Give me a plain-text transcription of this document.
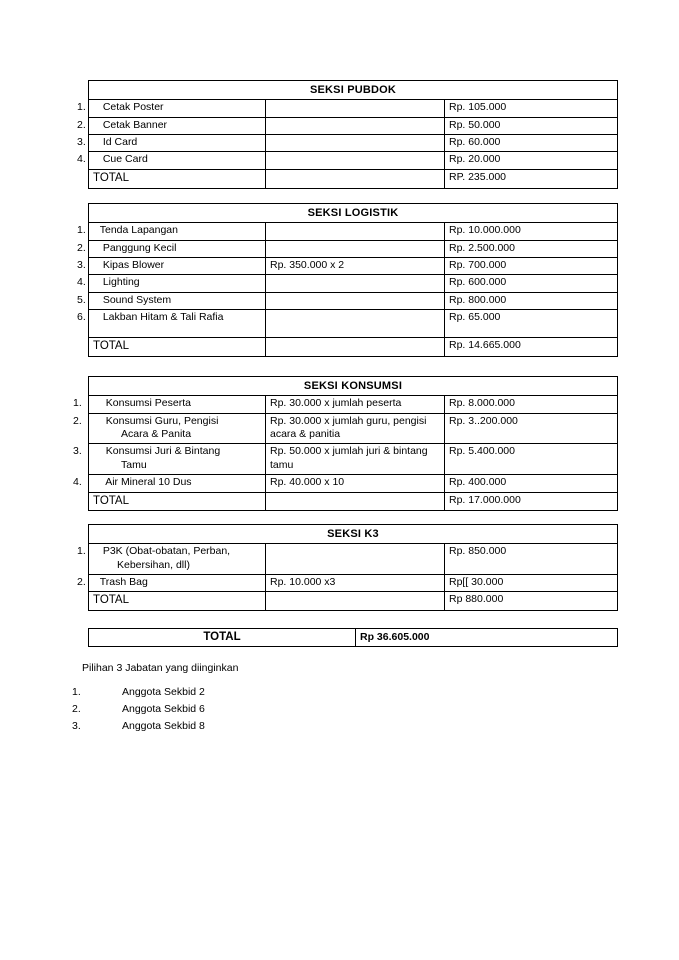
SEKSI PUBDOK		

1. Cetak Poster		Rp. 105.000

2. Cetak Banner		Rp. 50.000

3. Id Card		Rp. 60.000

4. Cue Card		Rp. 20.000
TOTAL		RP. 235.000
SEKSI LOGISTIK		

1. Tenda Lapangan		Rp. 10.000.000

2. Panggung Kecil		Rp. 2.500.000

3. Kipas Blower	Rp. 350.000 x 2	Rp. 700.000

4. Lighting		Rp. 600.000

5. Sound System		Rp. 800.000

6. Lakban Hitam & Tali Rafia		Rp. 65.000
TOTAL		Rp. 14.665.000
SEKSI KONSUMSI		

1. Konsumsi Peserta	Rp. 30.000 x jumlah peserta	Rp. 8.000.000

2. Konsumsi Guru, Pengisi Acara & Panita	Rp. 30.000 x jumlah guru, pengisi acara & panitia	Rp. 3..200.000

3. Konsumsi Juri & Bintang Tamu	Rp. 50.000 x jumlah juri & bintang tamu	Rp. 5.400.000

4. Air Mineral 10 Dus	Rp. 40.000 x 10	Rp. 400.000
TOTAL		Rp. 17.000.000
SEKSI K3		

1. P3K (Obat-obatan, Perban, Kebersihan, dll)		Rp. 850.000

2. Trash Bag	Rp. 10.000 x3	Rp[[ 30.000
TOTAL		Rp 880.000
TOTAL	Rp 36.605.000
Pilihan 3 Jabatan yang diinginkan
1.	Anggota Sekbid 2
2.	Anggota Sekbid 6
3.	Anggota Sekbid 8
